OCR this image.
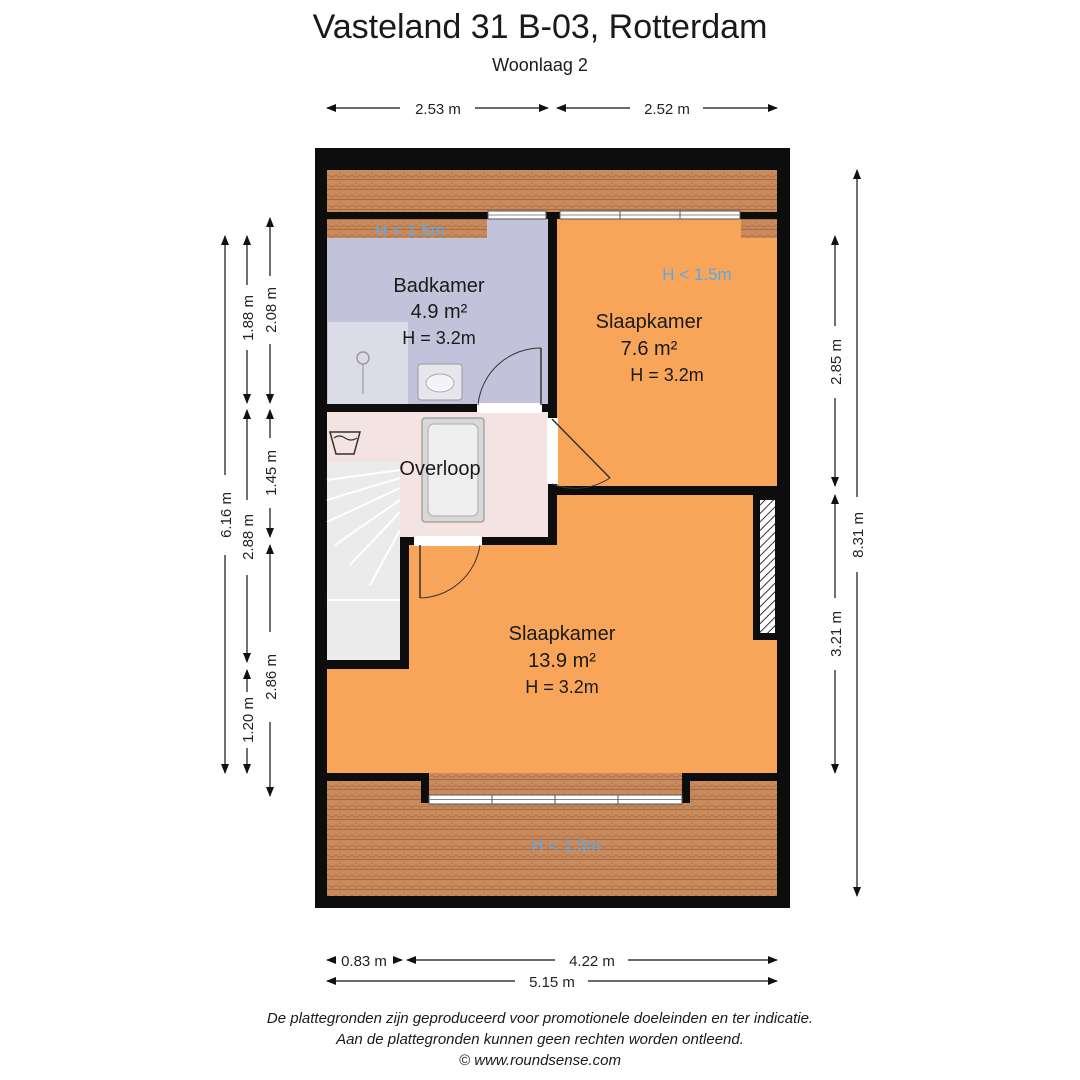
Vasteland 31 B-03, Rotterdam
Woonlaag 2
Badkamer
4.9 m²
H = 3.2m
Slaapkamer
7.6 m²
H = 3.2m
Overloop
Slaapkamer
13.9 m²
H = 3.2m
H < 1.5m
H < 1.5m
H < 1.5m
2.53 m	2.52 m
6.16 m
1.88 m
2.88 m
1.20 m
2.08 m
1.45 m
2.86 m
2.85 m
3.21 m
8.31 m
0.83 m	4.22 m
5.15 m
De plattegronden zijn geproduceerd voor promotionele doeleinden en ter indicatie.
Aan de plattegronden kunnen geen rechten worden ontleend.
© www.roundsense.com
